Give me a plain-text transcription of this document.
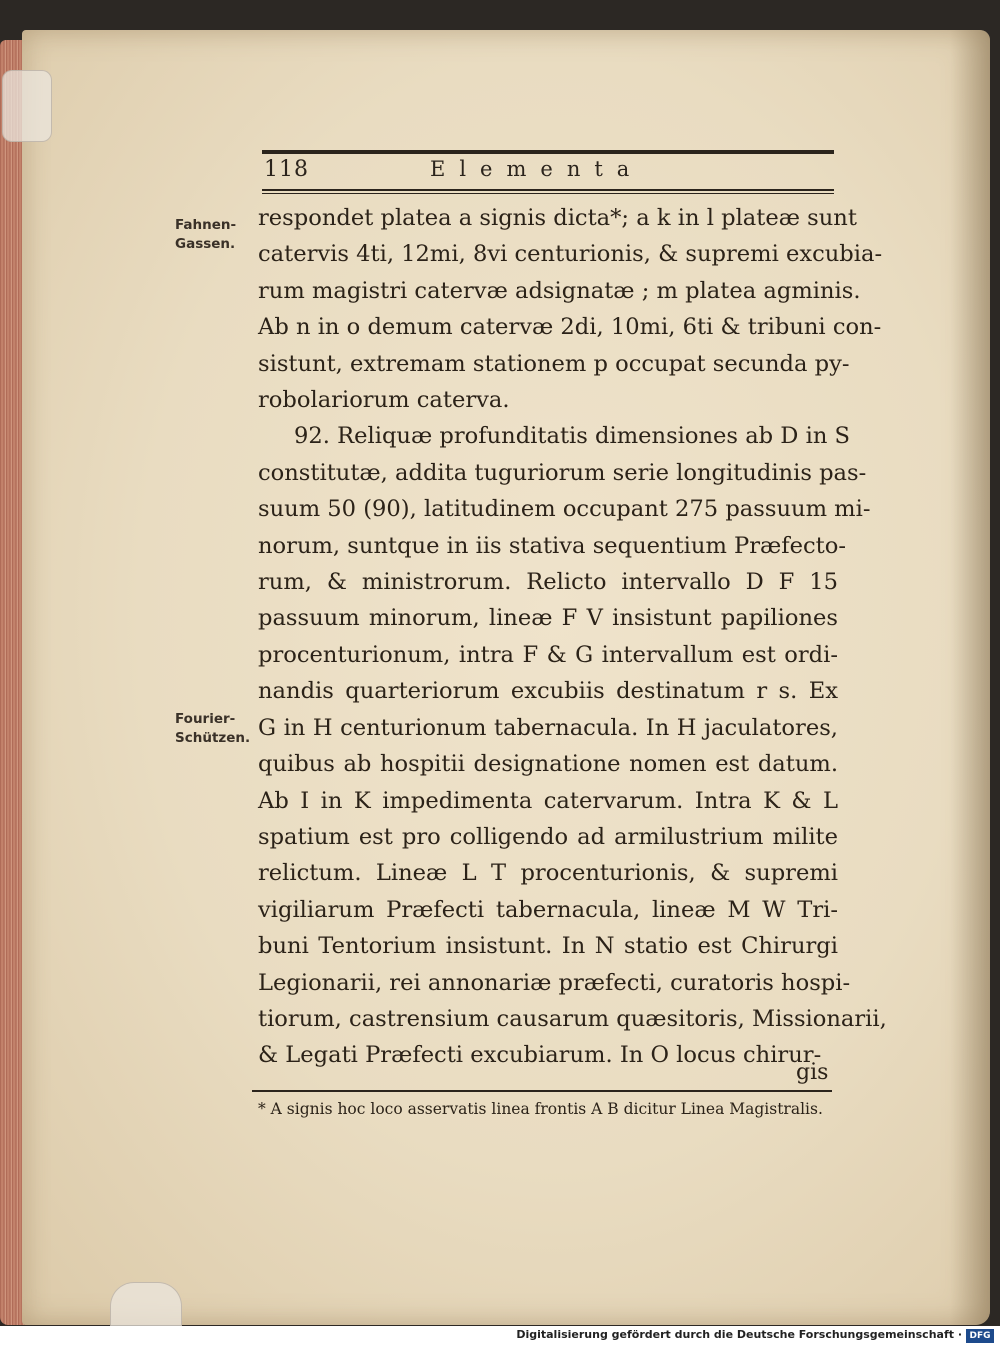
118	Elementa
Fahnen-
Gassen.
Fourier-
Schützen.
respondet platea a signis dicta*; a k in l plateæ sunt
catervis 4ti, 12mi, 8vi centurionis, & supremi excubia-
rum magistri catervæ adsignatæ ; m platea agminis.
Ab n in o demum catervæ 2di, 10mi, 6ti & tribuni con-
sistunt, extremam stationem p occupat secunda py-
robolariorum caterva.
92. Reliquæ profunditatis dimensiones ab D in S
constitutæ, addita tuguriorum serie longitudinis pas-
suum 50 (90), latitudinem occupant 275 passuum mi-
norum, suntque in iis stativa sequentium Præfecto-
rum, & ministrorum. Relicto intervallo D F 15
passuum minorum, lineæ F V insistunt papiliones
procenturionum, intra F & G intervallum est ordi-
nandis quarteriorum excubiis destinatum r s. Ex
G in H centurionum tabernacula. In H jaculatores,
quibus ab hospitii designatione nomen est datum.
Ab I in K impedimenta catervarum. Intra K & L
spatium est pro colligendo ad armilustrium milite
relictum. Lineæ L T procenturionis, & supremi
vigiliarum Præfecti tabernacula, lineæ M W Tri-
buni Tentorium insistunt. In N statio est Chirurgi
Legionarii, rei annonariæ præfecti, curatoris hospi-
tiorum, castrensium causarum quæsitoris, Missionarii,
& Legati Præfecti excubiarum. In O locus chirur-
gis
* A signis hoc loco asservatis linea frontis A B dicitur Linea Magistralis.
Digitalisierung gefördert durch die Deutsche Forschungsgemeinschaft · DFG
